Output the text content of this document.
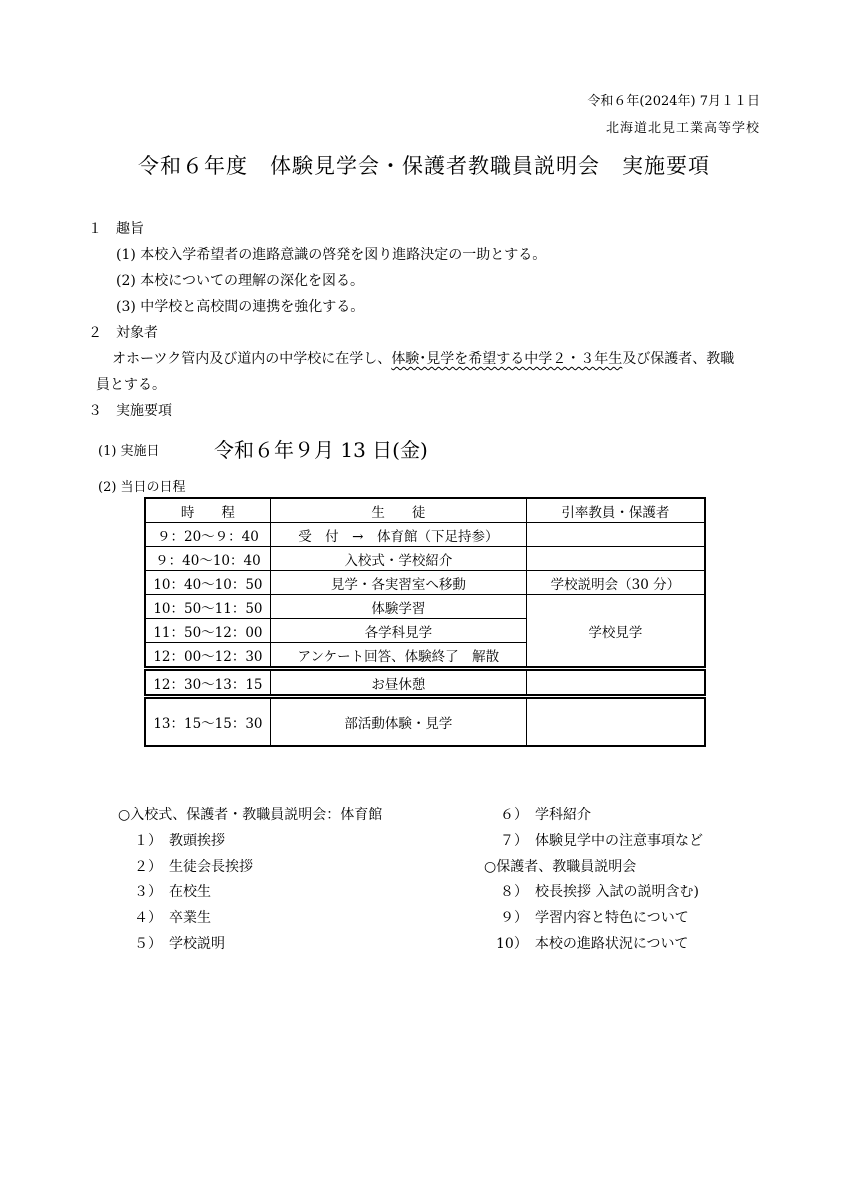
令和６年(2024年) 7月１１日
北海道北見工業高等学校
令和６年度　体験見学会・保護者教職員説明会　実施要項
１　趣旨
(1) 本校入学希望者の進路意識の啓発を図り進路決定の一助とする。
(2) 本校についての理解の深化を図る。
(3) 中学校と高校間の連携を強化する。
２　対象者
オホーツク管内及び道内の中学校に在学し、体験･見学を希望する中学２・３年生及び保護者、教職
員とする。
３　実施要項
(1) 実施日	令和６年９月 13 日(金)
(2) 当日の日程
時　　程	生　　徒	引率教員・保護者
９：20〜９：40	受　付　→　体育館（下足持参）	
９：40〜10：40	入校式・学校紹介	
10：40〜10：50	見学・各実習室へ移動	学校説明会（30 分）
10：50〜11：50	体験学習	学校見学
11：50〜12：00	各学科見学	
12：00〜12：30	アンケート回答、体験終了　解散	
12：30〜13：15	お昼休憩	
13：15〜15：30	部活動体験・見学	
○入校式、保護者・教職員説明会：体育館
１）　教頭挨拶
２）　生徒会長挨拶
３）　在校生
４）　卒業生
５）　学校説明
６）　学科紹介
７）　体験見学中の注意事項など
○保護者、教職員説明会
８）　校長挨拶 入試の説明含む)
９）　学習内容と特色について
10）　本校の進路状況について
